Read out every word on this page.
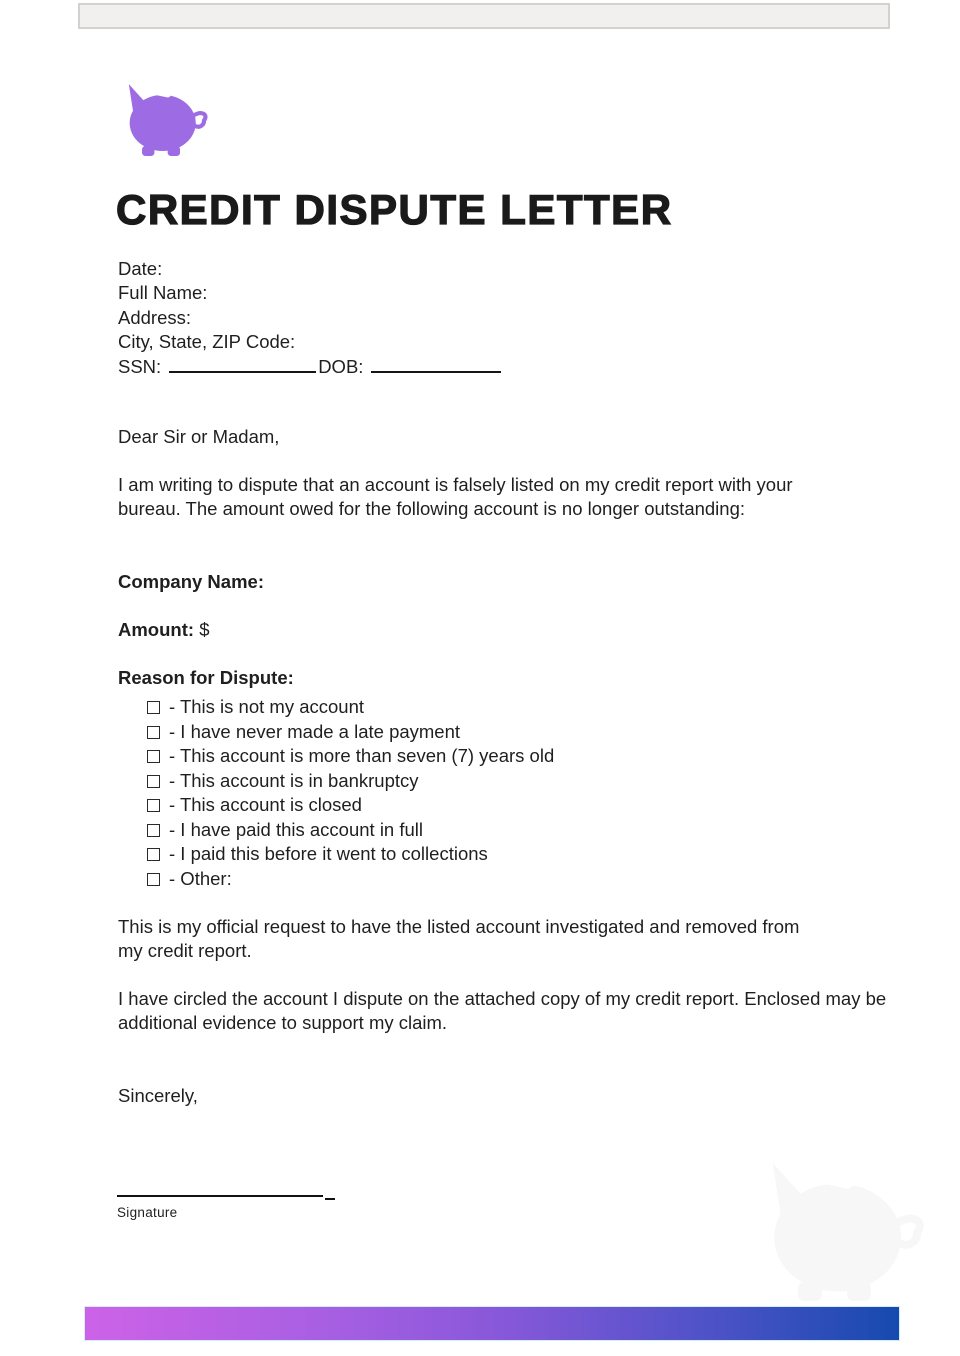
CREDIT DISPUTE LETTER
Date:
Full Name:
Address:
City, State, ZIP Code:
SSN:	DOB:
Dear Sir or Madam,
I am writing to dispute that an account is falsely listed on my credit report with your bureau. The amount owed for the following account is no longer outstanding:
Company Name:
Amount: $
Reason for Dispute:
- This is not my account
- I have never made a late payment
- This account is more than seven (7) years old
- This account is in bankruptcy
- This account is closed
- I have paid this account in full
- I paid this before it went to collections
- Other:
This is my official request to have the listed account investigated and removed from my credit report.
I have circled the account I dispute on the attached copy of my credit report. Enclosed may be additional evidence to support my claim.
Sincerely,
Signature
